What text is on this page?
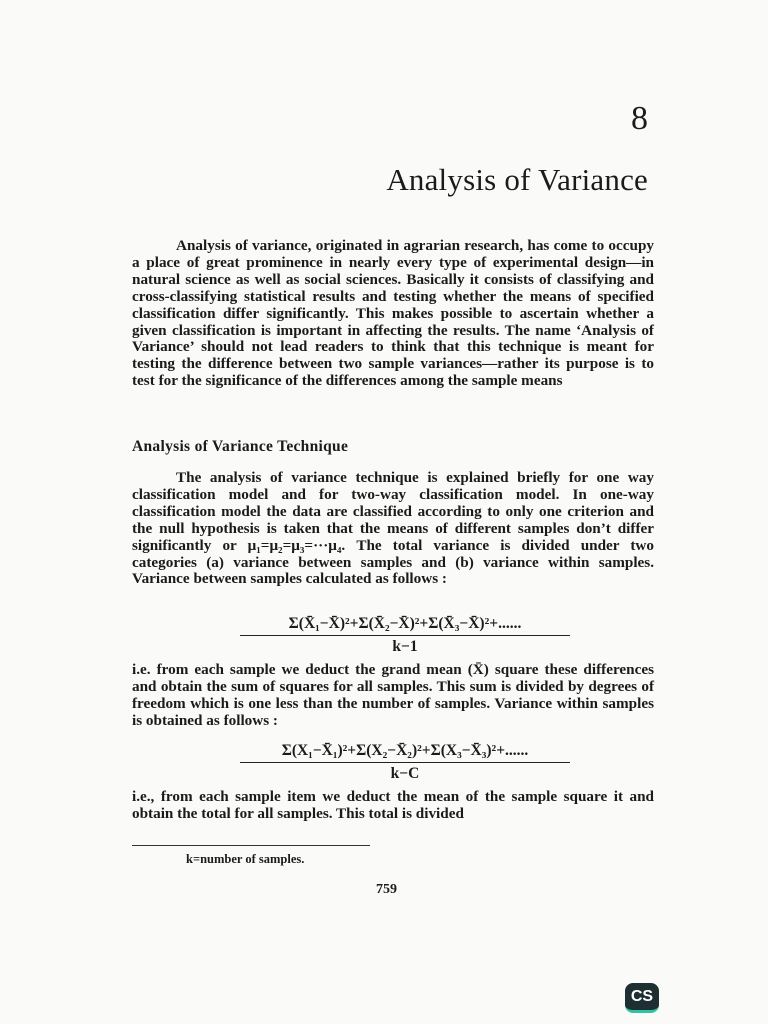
8
Analysis of Variance

Analysis of variance, originated in agrarian research, has come to occupy a place of great prominence in nearly every type of experimental design—in natural science as well as social sciences. Basically it consists of classifying and cross-classifying statistical results and testing whether the means of specified classification differ significantly. This makes possible to ascertain whether a given classification is important in affecting the results. The name ‘Analysis of Variance’ should not lead readers to think that this technique is meant for testing the difference between two sample variances—rather its purpose is to test for the significance of the differences among the sample means

Analysis of Variance Technique

The analysis of variance technique is explained briefly for one way classification model and for two-way classification model. In one-way classification model the data are classified according to only one criterion and the null hypothesis is taken that the means of different samples don’t differ significantly or μ₁=μ₂=μ₃=···μ₄. The total variance is divided under two categories (a) variance between samples and (b) variance within samples. Variance between samples calculated as follows :

$\frac{\text{Σ(X̄₁−X̄)²+Σ(X̄₂−X̄)²+Σ(X̄₃−X̄)²+......}}{k-1}$

i.e. from each sample we deduct the grand mean (X̄) square these differences and obtain the sum of squares for all samples. This sum is divided by degrees of freedom which is one less than the number of samples. Variance within samples is obtained as follows :

$\frac{\text{Σ(X₁−X̄₁)²+Σ(X₂−X̄₂)²+Σ(X₃−X̄₃)²+......}}{k-C}$

i.e., from each sample item we deduct the mean of the sample square it and obtain the total for all samples. This total is divided

k=number of samples.
759
CS
